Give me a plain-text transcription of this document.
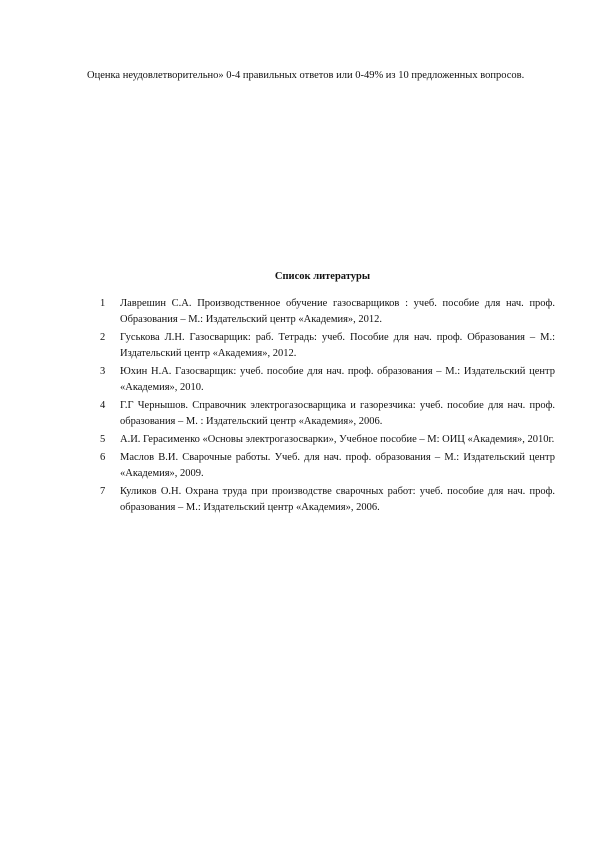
Оценка неудовлетворительно» 0-4 правильных ответов или 0-49% из 10 предложенных вопросов.

Список литературы
1	Лаврешин С.А. Производственное обучение газосварщиков : учеб. пособие для нач. проф. Образования – М.: Издательский центр «Академия», 2012.
2	Гуськова Л.Н. Газосварщик: раб. Тетрадь: учеб. Пособие для нач. проф. Образования – М.: Издательский центр «Академия», 2012.
3	Юхин Н.А. Газосварщик: учеб. пособие для нач. проф. образования – М.: Издательский центр «Академия», 2010.
4	Г.Г Чернышов. Справочник электрогазосварщика и газорезчика: учеб. пособие для нач. проф. образования – М. : Издательский центр «Академия», 2006.
5	А.И. Герасименко «Основы электрогазосварки», Учебное пособие – М: ОИЦ «Академия», 2010г.
6	Маслов В.И. Сварочные работы. Учеб. для нач. проф. образования – М.: Издательский центр «Академия», 2009.
7	Куликов О.Н. Охрана труда при производстве сварочных работ: учеб. пособие для нач. проф. образования – М.: Издательский центр «Академия», 2006.
